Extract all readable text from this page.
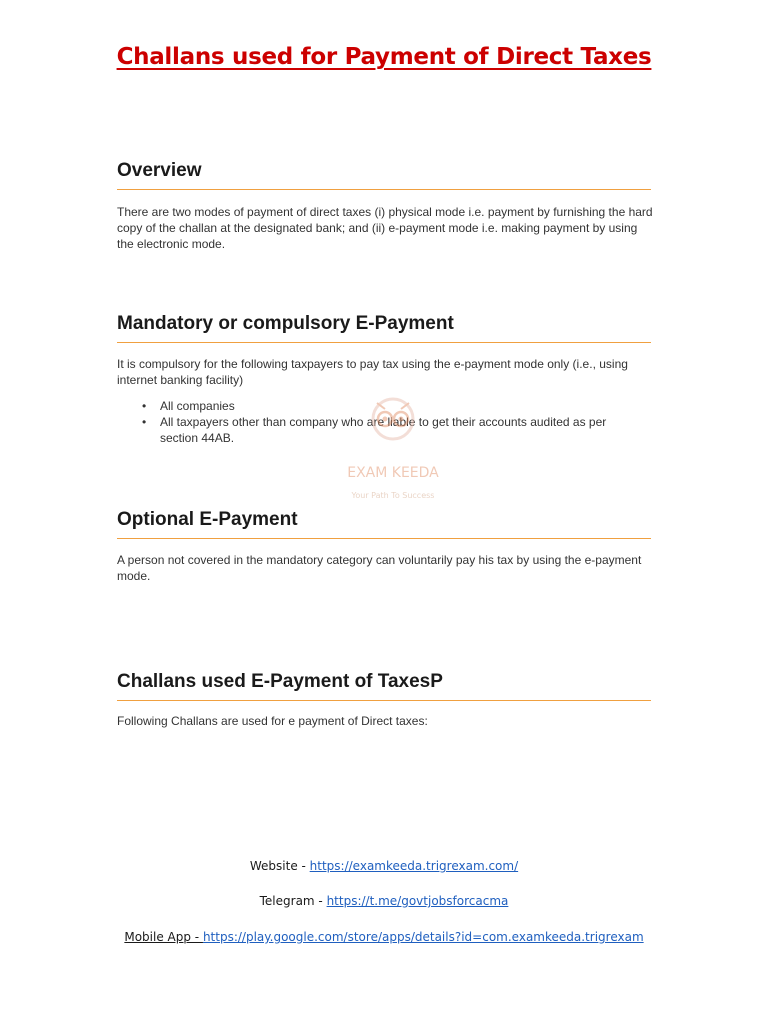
Challans used for Payment of Direct Taxes
Overview

There are two modes of payment of direct taxes (i) physical mode i.e. payment by furnishing the hard copy of the challan at the designated bank; and (ii) e-payment mode i.e. making payment by using the electronic mode.

Mandatory or compulsory E-Payment

It is compulsory for the following taxpayers to pay tax using the e-payment mode only (i.e., using internet banking facility)

• All companies
• All taxpayers other than company who are liable to get their accounts audited as per section 44AB.
EXAM KEEDA
Your Path To Success
Optional E-Payment

A person not covered in the mandatory category can voluntarily pay his tax by using the e-payment mode.

Challans used E-Payment of TaxesP

Following Challans are used for e payment of Direct taxes:

Website - https://examkeeda.trigrexam.com/
Telegram - https://t.me/govtjobsforcacma
Mobile App - https://play.google.com/store/apps/details?id=com.examkeeda.trigrexam
